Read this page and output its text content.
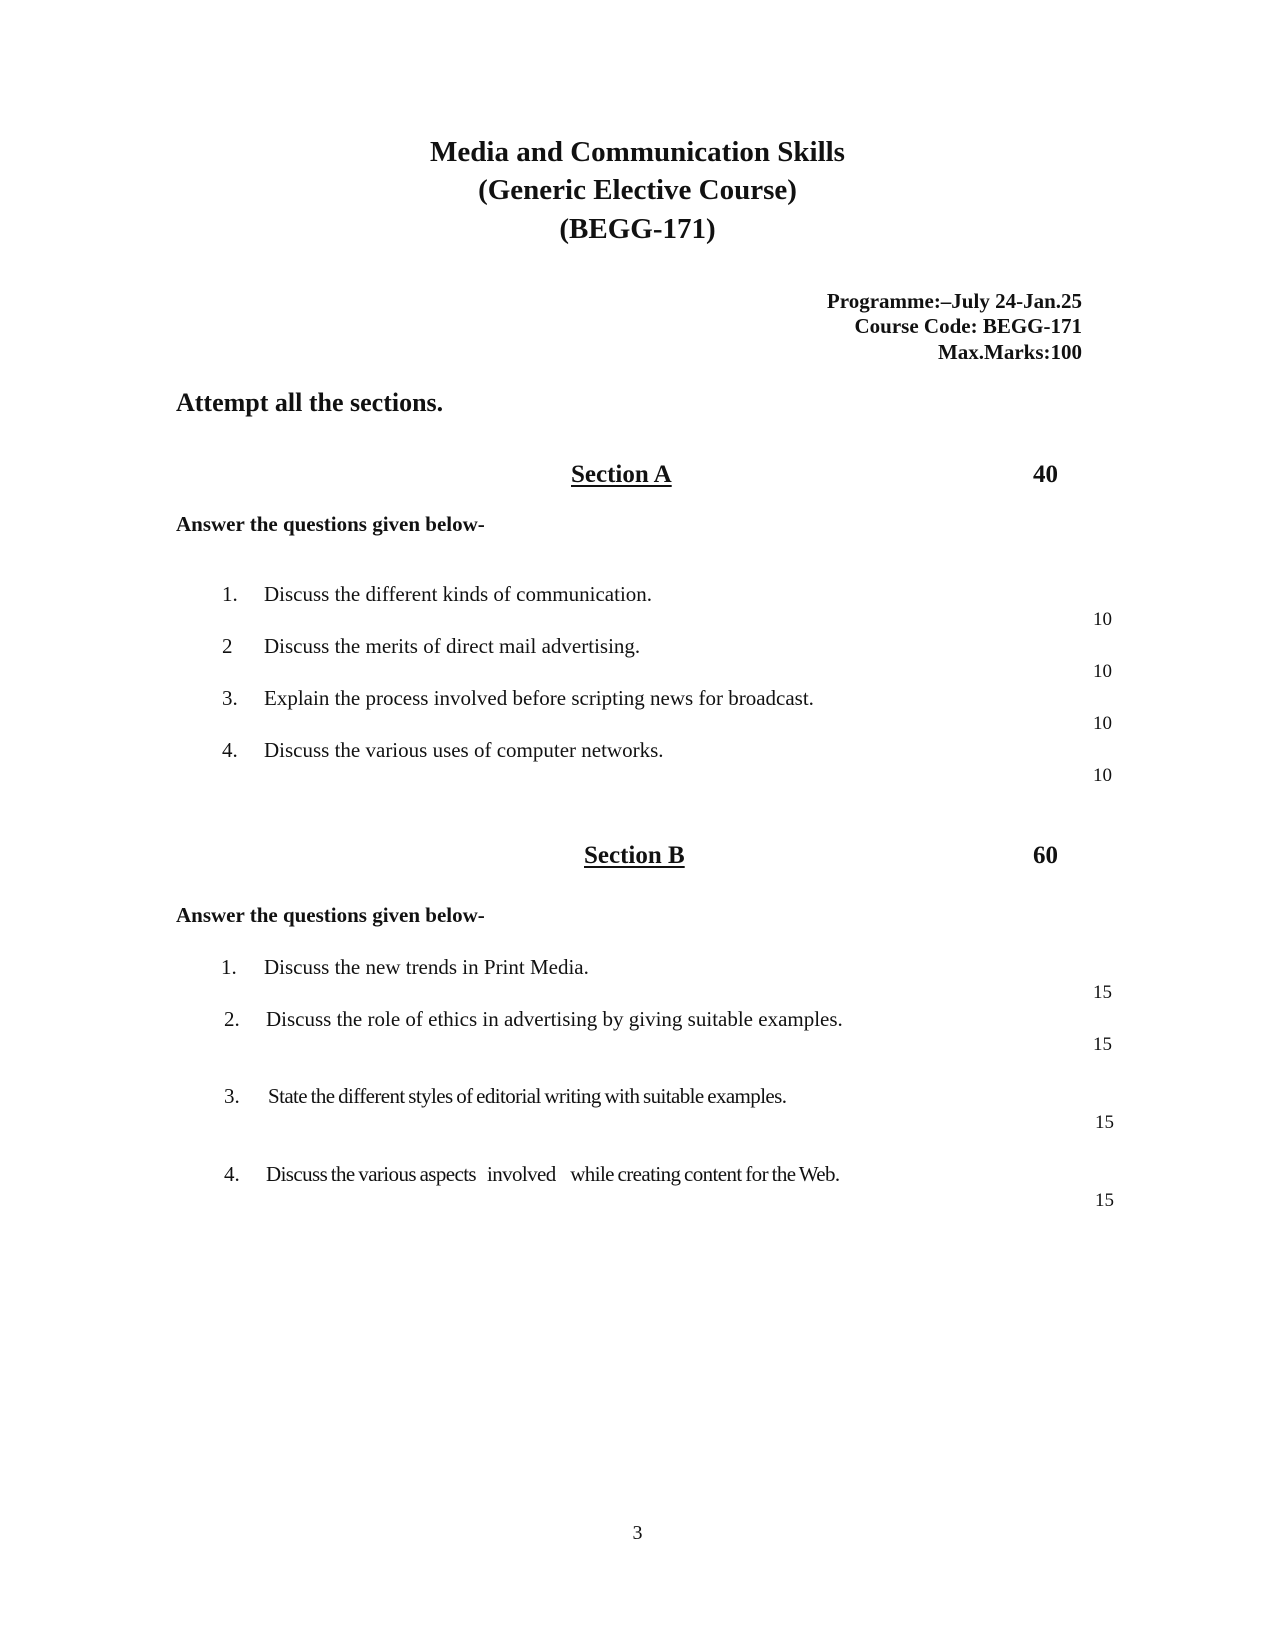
Media and Communication Skills
(Generic Elective Course)
(BEGG-171)
Programme:–July 24-Jan.25
Course Code: BEGG-171
Max.Marks:100
Attempt all the sections.
Section A	40
Answer the questions given below-
1. Discuss the different kinds of communication.
10
2 Discuss the merits of direct mail advertising.
10
3. Explain the process involved before scripting news for broadcast.
10
4. Discuss the various uses of computer networks.
10
Section B	60
Answer the questions given below-
1. Discuss the new trends in Print Media.
15
2. Discuss the role of ethics in advertising by giving suitable examples.
15
3. State the different styles of editorial writing with suitable examples.
15
4. Discuss the various aspects   involved    while creating content for the Web.
15
3
